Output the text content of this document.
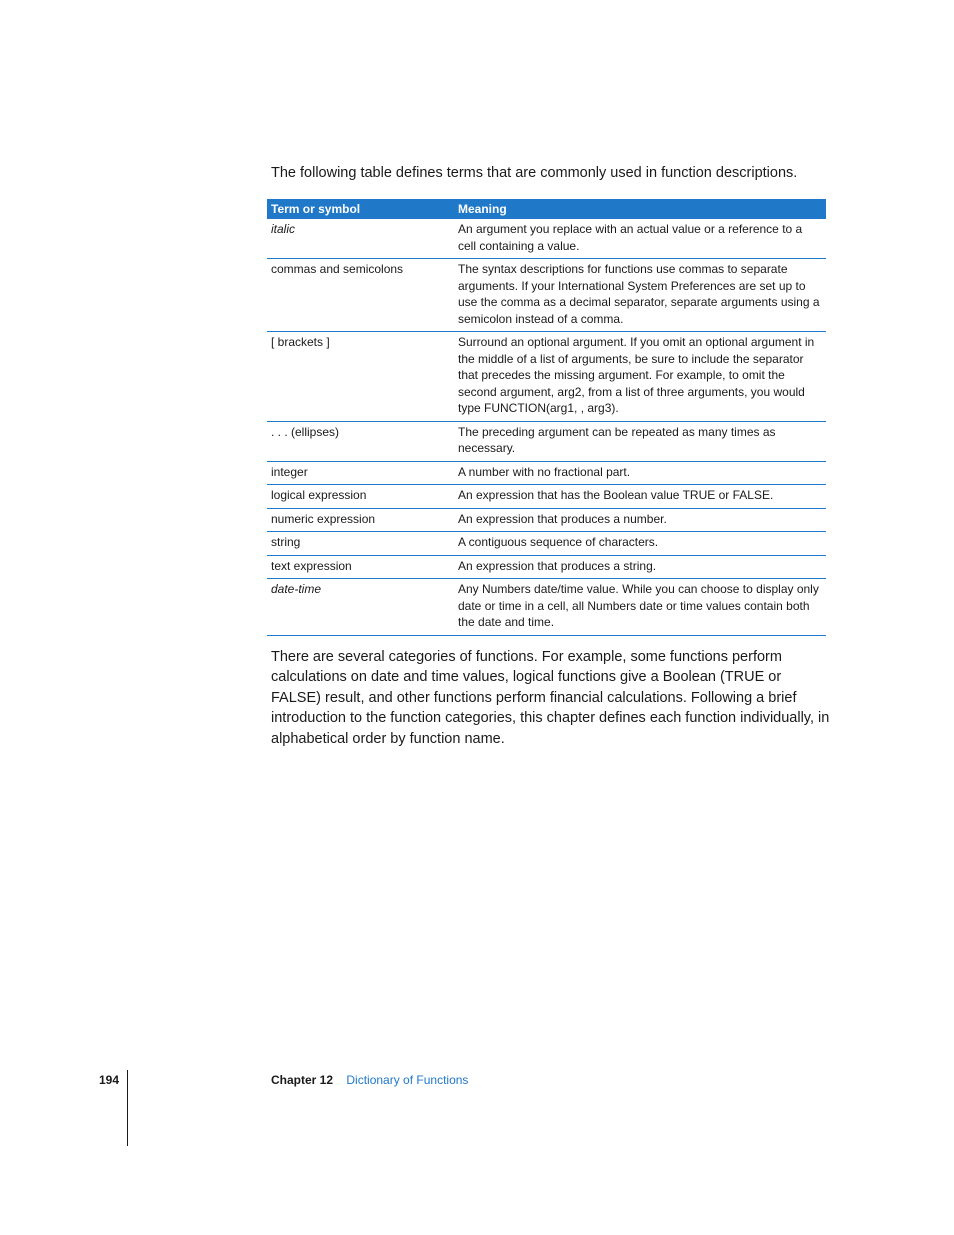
The following table defines terms that are commonly used in function descriptions.

Term or symbol	Meaning
italic	An argument you replace with an actual value or a reference to a cell containing a value.
commas and semicolons	The syntax descriptions for functions use commas to separate arguments. If your International System Preferences are set up to use the comma as a decimal separator, separate arguments using a semicolon instead of a comma.
[ brackets ]	Surround an optional argument. If you omit an optional argument in the middle of a list of arguments, be sure to include the separator that precedes the missing argument. For example, to omit the second argument, arg2, from a list of three arguments, you would type FUNCTION(arg1, , arg3).
. . . (ellipses)	The preceding argument can be repeated as many times as necessary.
integer	A number with no fractional part.
logical expression	An expression that has the Boolean value TRUE or FALSE.
numeric expression	An expression that produces a number.
string	A contiguous sequence of characters.
text expression	An expression that produces a string.
date-time	Any Numbers date/time value. While you can choose to display only date or time in a cell, all Numbers date or time values contain both the date and time.

There are several categories of functions. For example, some functions perform calculations on date and time values, logical functions give a Boolean (TRUE or FALSE) result, and other functions perform financial calculations. Following a brief introduction to the function categories, this chapter defines each function individually, in alphabetical order by function name.

194	Chapter 12 Dictionary of Functions
